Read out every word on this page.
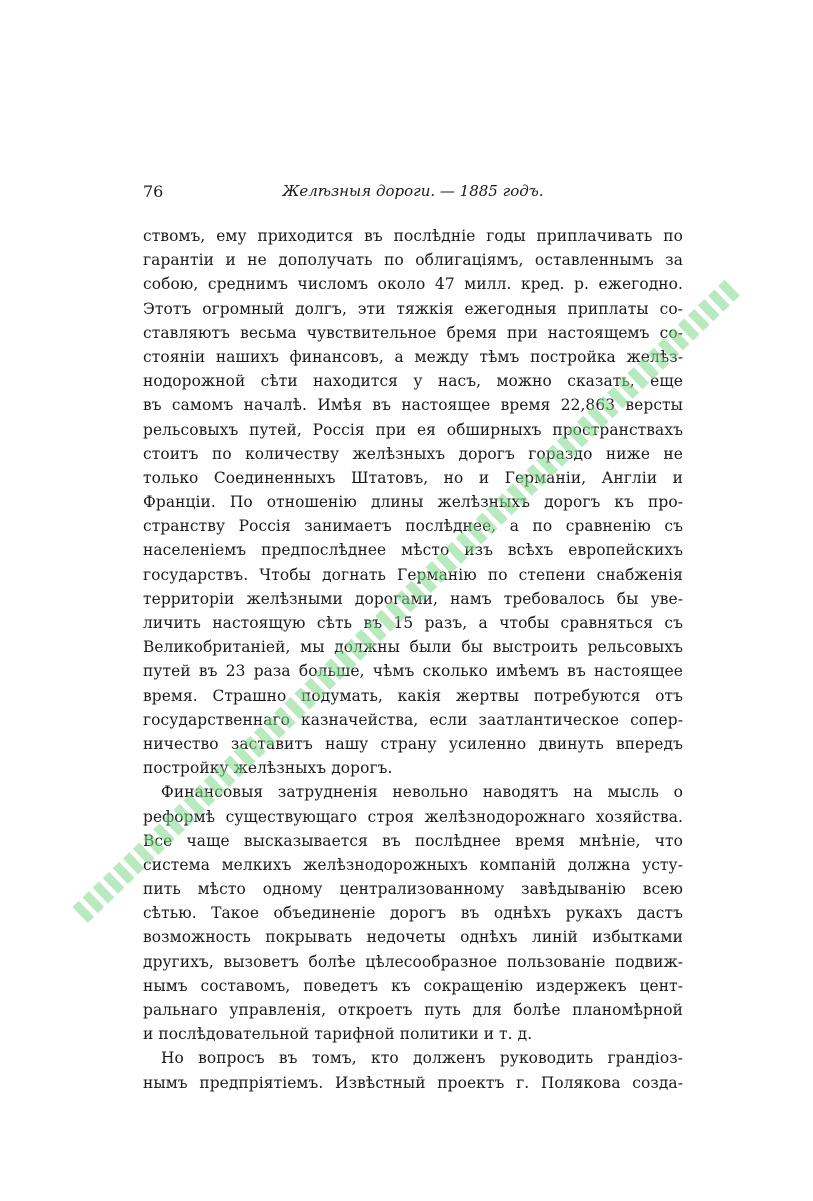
76	Желѣзныя дороги. — 1885 годъ.
ствомъ, ему приходится въ послѣдніе годы приплачивать по
гарантіи и не дополучать по облигаціямъ, оставленнымъ за
собою, среднимъ числомъ около 47 милл. кред. р. ежегодно.
Этотъ огромный долгъ, эти тяжкія ежегодныя приплаты со-
ставляютъ весьма чувствительное бремя при настоящемъ со-
стояніи нашихъ финансовъ, а между тѣмъ постройка желѣз-
нодорожной сѣти находится у насъ, можно сказать, еще
въ самомъ началѣ. Имѣя въ настоящее время 22,863 версты
рельсовыхъ путей, Россія при ея обширныхъ пространствахъ
стоитъ по количеству желѣзныхъ дорогъ гораздо ниже не
только Соединенныхъ Штатовъ, но и Германіи, Англіи и
Франціи. По отношенію длины желѣзныхъ дорогъ къ про-
странству Россія занимаетъ послѣднее, а по сравненію съ
населеніемъ предпослѣднее мѣсто изъ всѣхъ европейскихъ
государствъ. Чтобы догнать Германію по степени снабженія
территоріи желѣзными дорогами, намъ требовалось бы уве-
личить настоящую сѣть въ 15 разъ, а чтобы сравняться съ
Великобританіей, мы должны были бы выстроить рельсовыхъ
путей въ 23 раза больше, чѣмъ сколько имѣемъ въ настоящее
время. Страшно подумать, какія жертвы потребуются отъ
государственнаго казначейства, если заатлантическое сопер-
ничество заставитъ нашу страну усиленно двинуть впередъ
постройку желѣзныхъ дорогъ.
Финансовыя затрудненія невольно наводятъ на мысль о
реформѣ существующаго строя желѣзнодорожнаго хозяйства.
Все чаще высказывается въ послѣднее время мнѣніе, что
система мелкихъ желѣзнодорожныхъ компаній должна усту-
пить мѣсто одному централизованному завѣдыванію всею
сѣтью. Такое объединеніе дорогъ въ однѣхъ рукахъ дастъ
возможность покрывать недочеты однѣхъ линій избытками
другихъ, вызоветъ болѣе цѣлесообразное пользованіе подвиж-
нымъ составомъ, поведетъ къ сокращенію издержекъ цент-
ральнаго управленія, откроетъ путь для болѣе планомѣрной
и послѣдовательной тарифной политики и т. д.
Но вопросъ въ томъ, кто долженъ руководить грандіоз-
нымъ предпріятіемъ. Извѣстный проектъ г. Полякова созда-
